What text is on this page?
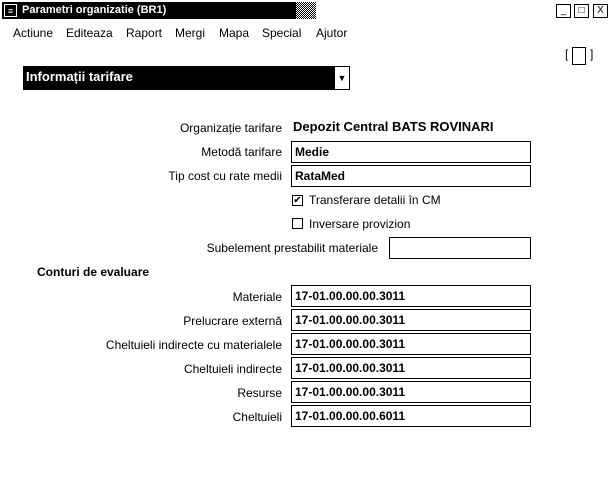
Parametri organizatie (BR1)
≡	_	□	X
Actiune Editeaza Raport Mergi Mapa Special Ajutor
[ ]
Informații tarifare	▼
Organizație tarifare Depozit Central BATS ROVINARI
Metodă tarifare	Medie
Tip cost cu rate medii	RataMed
✔ Transferare detalii în CM
Inversare provizion
Subelement prestabilit materiale
Conturi de evaluare
Materiale	17-01.00.00.00.3011
Prelucrare externă	17-01.00.00.00.3011
Cheltuieli indirecte cu materialele	17-01.00.00.00.3011
Cheltuieli indirecte	17-01.00.00.00.3011
Resurse	17-01.00.00.00.3011
Cheltuieli	17-01.00.00.00.6011
